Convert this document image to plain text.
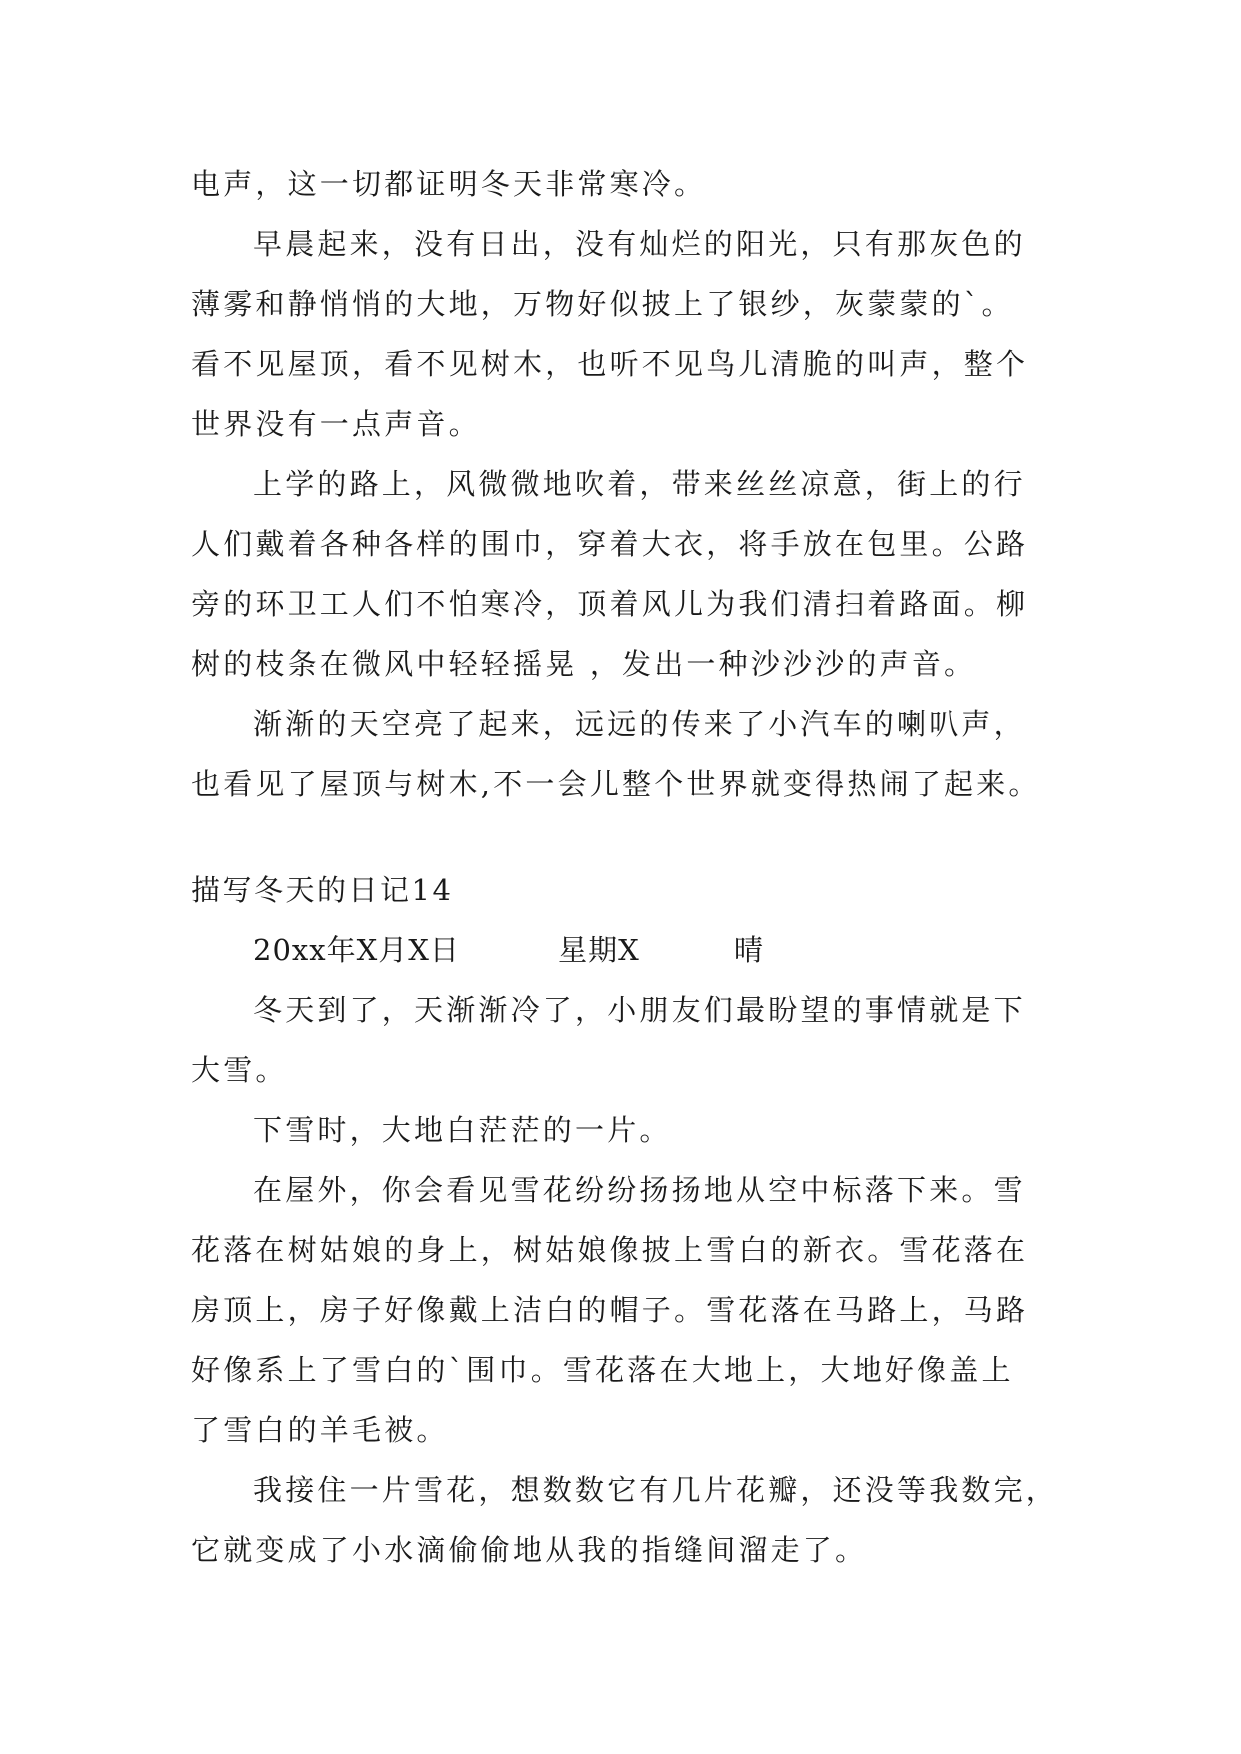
电声，这一切都证明冬天非常寒冷。
早晨起来，没有日出，没有灿烂的阳光，只有那灰色的
薄雾和静悄悄的大地，万物好似披上了银纱，灰蒙蒙的`。
看不见屋顶，看不见树木，也听不见鸟儿清脆的叫声，整个
世界没有一点声音。
上学的路上，风微微地吹着，带来丝丝凉意，街上的行
人们戴着各种各样的围巾，穿着大衣，将手放在包里。公路
旁的环卫工人们不怕寒冷，顶着风儿为我们清扫着路面。柳
树的枝条在微风中轻轻摇晃 ，发出一种沙沙沙的声音。
渐渐的天空亮了起来，远远的传来了小汽车的喇叭声，
也看见了屋顶与树木,不一会儿整个世界就变得热闹了起来。
描写冬天的日记14
20xx年X月X日	星期X	晴
冬天到了，天渐渐冷了，小朋友们最盼望的事情就是下
大雪。
下雪时，大地白茫茫的一片。
在屋外，你会看见雪花纷纷扬扬地从空中标落下来。雪
花落在树姑娘的身上，树姑娘像披上雪白的新衣。雪花落在
房顶上，房子好像戴上洁白的帽子。雪花落在马路上，马路
好像系上了雪白的`围巾。雪花落在大地上，大地好像盖上
了雪白的羊毛被。
我接住一片雪花，想数数它有几片花瓣，还没等我数完，
它就变成了小水滴偷偷地从我的指缝间溜走了。
